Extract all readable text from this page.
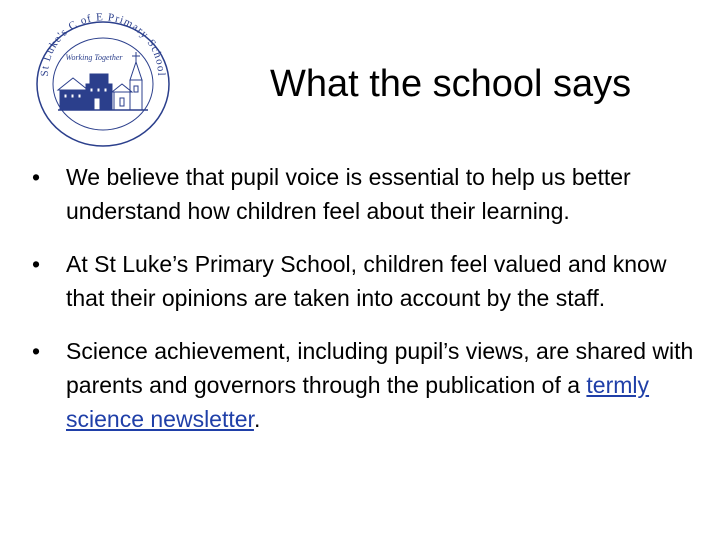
St Luke's C of E Primary School
Working Together
What the school says
• We believe that pupil voice is essential to help us better understand how children feel about their learning.
• At St Luke’s Primary School, children feel valued and know that their opinions are taken into account by the staff.
• Science achievement, including pupil’s views, are shared with parents and governors through the publication of a termly science newsletter.
